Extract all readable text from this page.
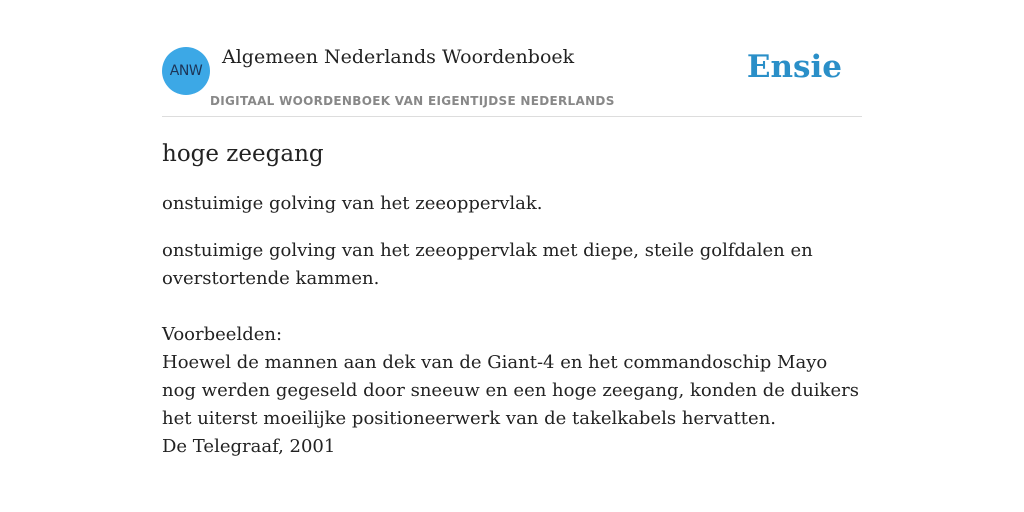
ANW
Algemeen Nederlands Woordenboek
DIGITAAL WOORDENBOEK VAN EIGENTIJDSE NEDERLANDS
Ensie
hoge zeegang

onstuimige golving van het zeeoppervlak.

onstuimige golving van het zeeoppervlak met diepe, steile golfdalen en overstortende kammen.

Voorbeelden:
Hoewel de mannen aan dek van de Giant-4 en het commandoschip Mayo nog werden gegeseld door sneeuw en een hoge zeegang, konden de duikers het uiterst moeilijke positioneerwerk van de takelkabels hervatten.
De Telegraaf, 2001
